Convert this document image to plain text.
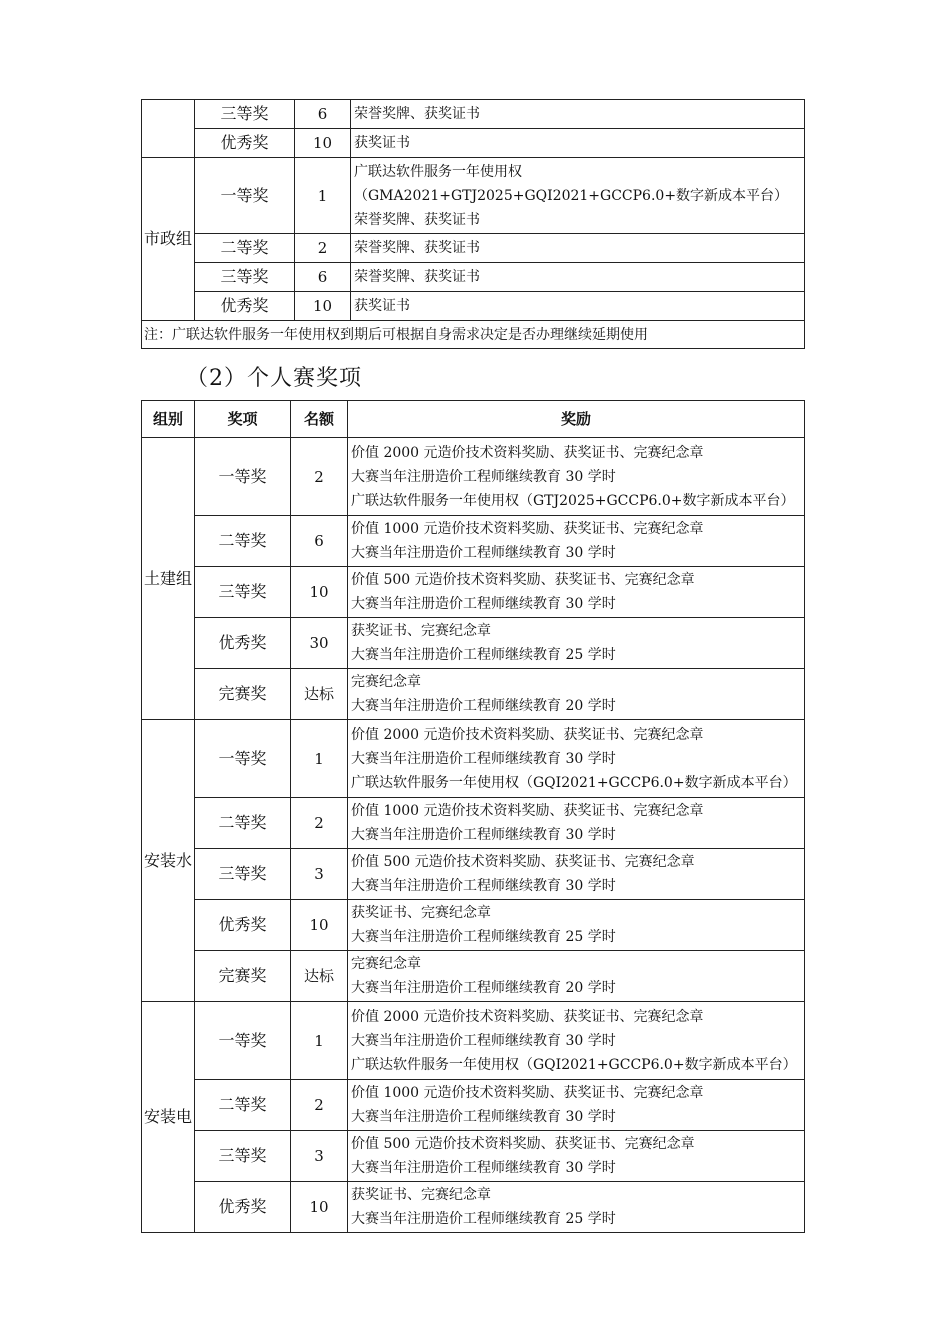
	三等奖	6	荣誉奖牌、获奖证书

	优秀奖	10	获奖证书

市政组	一等奖	1	广联达软件服务一年使用权
（GMA2021+GTJ2025+GQI2021+GCCP6.0+数字新成本平台）
荣誉奖牌、获奖证书

	二等奖	2	荣誉奖牌、获奖证书

	三等奖	6	荣誉奖牌、获奖证书

	优秀奖	10	获奖证书

注：广联达软件服务一年使用权到期后可根据自身需求决定是否办理继续延期使用			
（2）个人赛奖项
组别	奖项	名额	奖励
土建组	一等奖	2	价值 2000 元造价技术资料奖励、获奖证书、完赛纪念章
大赛当年注册造价工程师继续教育 30 学时
广联达软件服务一年使用权（GTJ2025+GCCP6.0+数字新成本平台）

	二等奖	6	价值 1000 元造价技术资料奖励、获奖证书、完赛纪念章
大赛当年注册造价工程师继续教育 30 学时

	三等奖	10	价值 500 元造价技术资料奖励、获奖证书、完赛纪念章
大赛当年注册造价工程师继续教育 30 学时

	优秀奖	30	获奖证书、完赛纪念章
大赛当年注册造价工程师继续教育 25 学时

	完赛奖	达标	完赛纪念章
大赛当年注册造价工程师继续教育 20 学时

安装水	一等奖	1	价值 2000 元造价技术资料奖励、获奖证书、完赛纪念章
大赛当年注册造价工程师继续教育 30 学时
广联达软件服务一年使用权（GQI2021+GCCP6.0+数字新成本平台）

	二等奖	2	价值 1000 元造价技术资料奖励、获奖证书、完赛纪念章
大赛当年注册造价工程师继续教育 30 学时

	三等奖	3	价值 500 元造价技术资料奖励、获奖证书、完赛纪念章
大赛当年注册造价工程师继续教育 30 学时

	优秀奖	10	获奖证书、完赛纪念章
大赛当年注册造价工程师继续教育 25 学时

	完赛奖	达标	完赛纪念章
大赛当年注册造价工程师继续教育 20 学时

安装电	一等奖	1	价值 2000 元造价技术资料奖励、获奖证书、完赛纪念章
大赛当年注册造价工程师继续教育 30 学时
广联达软件服务一年使用权（GQI2021+GCCP6.0+数字新成本平台）

	二等奖	2	价值 1000 元造价技术资料奖励、获奖证书、完赛纪念章
大赛当年注册造价工程师继续教育 30 学时

	三等奖	3	价值 500 元造价技术资料奖励、获奖证书、完赛纪念章
大赛当年注册造价工程师继续教育 30 学时

	优秀奖	10	获奖证书、完赛纪念章
大赛当年注册造价工程师继续教育 25 学时
